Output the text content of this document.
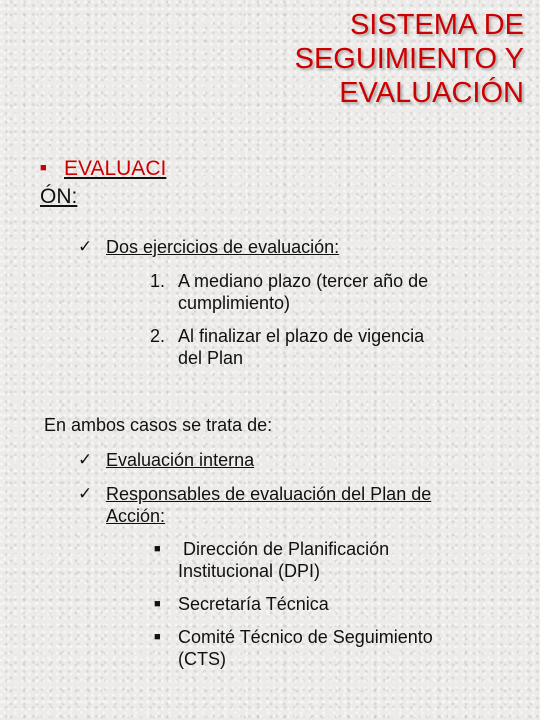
SISTEMA DE
SEGUIMIENTO Y
EVALUACIÓN
■ EVALUACI
ÓN:
✓ Dos ejercicios de evaluación:
1. A mediano plazo (tercer año de
cumplimiento)
2. Al finalizar el plazo de vigencia
del Plan
En ambos casos se trata de:
✓ Evaluación interna
✓ Responsables de evaluación del Plan de
Acción:
■ Dirección de Planificación
Institucional (DPI)
■ Secretaría Técnica
■ Comité Técnico de Seguimiento
(CTS)
